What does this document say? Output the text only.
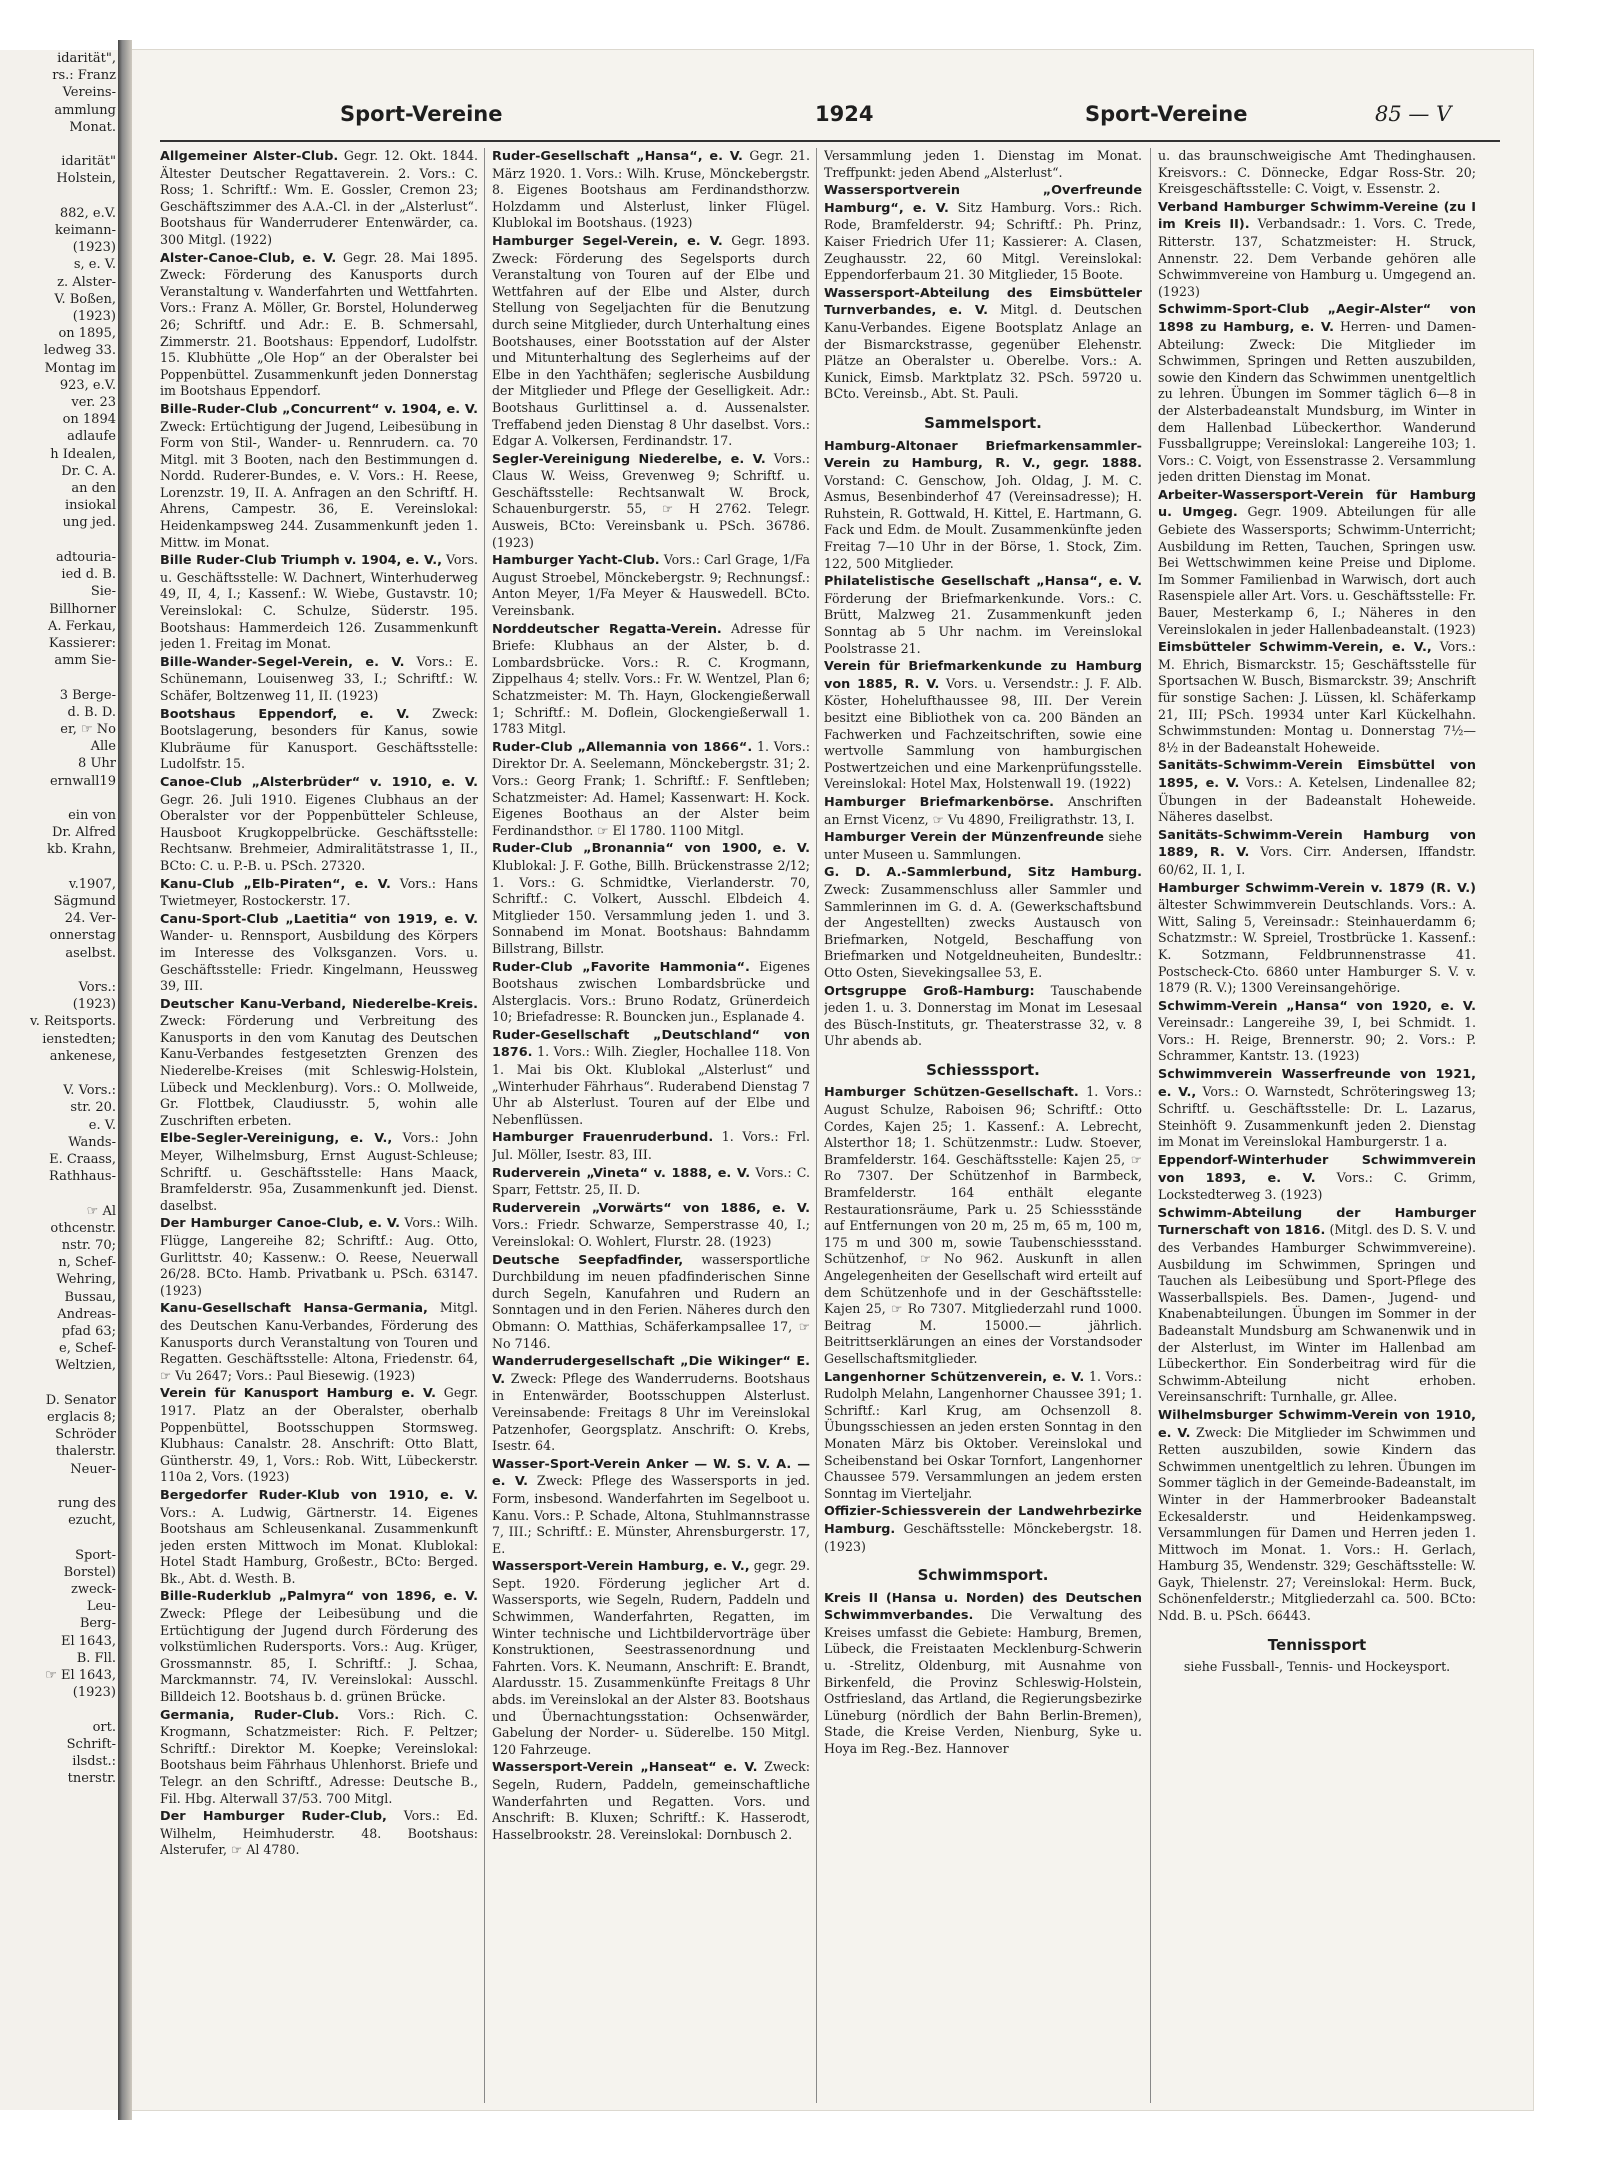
idarität",
rs.: Franz
Vereins-
ammlung
Monat.

idarität"
Holstein,

882, e.V.
keimann-
(1923)
s, e. V.
z. Alster-
V. Boßen,
(1923)
on 1895,
ledweg 33.
Montag im
923, e.V.
ver. 23
on 1894
adlaufe
h Idealen,
Dr. C. A.
an den
insiokal
ung jed.

adtouria-
ied d. B.
Sie-
Billhorner
A. Ferkau,
Kassierer:
amm Sie-

3 Berge-
d. B. D.
er, ☞ No
Alle
8 Uhr
ernwall19

ein von
Dr. Alfred
kb. Krahn,

v.1907,
Sägmund
24. Ver-
onnerstag
aselbst.

Vors.:
(1923)
v. Reitsports.
ienstedten;
ankenese,

V. Vors.:
str. 20.
e. V.
Wands-
E. Craass,
Rathhaus-

☞ Al
othcenstr.
nstr. 70;
n, Schef-
Wehring,
Bussau,
Andreas-
pfad 63;
e, Schef-
Weltzien,

D. Senator
erglacis 8;
Schröder
thalerstr.
Neuer-

rung des
ezucht,

Sport-
Borstel)
zweck-
Leu-
Berg-
El 1643,
B. Fll.
☞ El 1643,
(1923)

ort.
Schrift-
ilsdst.:
tnerstr.
Sport-Vereine	1924	Sport-Vereine	85 — V

Allgemeiner Alster-Club. Gegr. 12. Okt. 1844. Ältester Deutscher Regattaverein. 2. Vors.: C. Ross; 1. Schriftf.: Wm. E. Gossler, Cremon 23; Geschäftszimmer des A.A.-Cl. in der „Alsterlust“. Bootshaus für Wanderruderer Entenwärder, ca. 300 Mitgl. (1922)

Alster-Canoe-Club, e. V. Gegr. 28. Mai 1895. Zweck: Förderung des Kanusports durch Veranstaltung v. Wanderfahrten und Wettfahrten. Vors.: Franz A. Möller, Gr. Borstel, Holunderweg 26; Schriftf. und Adr.: E. B. Schmersahl, Zimmerstr. 21. Bootshaus: Eppendorf, Ludolfstr. 15. Klubhütte „Ole Hop“ an der Oberalster bei Poppenbüttel. Zusammenkunft jeden Donnerstag im Bootshaus Eppendorf.

Bille-Ruder-Club „Concurrent“ v. 1904, e. V. Zweck: Ertüchtigung der Jugend, Leibesübung in Form von Stil-, Wander- u. Rennrudern. ca. 70 Mitgl. mit 3 Booten, nach den Bestimmungen d. Nordd. Ruderer-Bundes, e. V. Vors.: H. Reese, Lorenzstr. 19, II. A. Anfragen an den Schriftf. H. Ahrens, Campestr. 36, E. Vereinslokal: Heidenkampsweg 244. Zusammenkunft jeden 1. Mittw. im Monat.

Bille Ruder-Club Triumph v. 1904, e. V., Vors. u. Geschäftsstelle: W. Dachnert, Winterhuderweg 49, II, 4, I.; Kassenf.: W. Wiebe, Gustavstr. 10; Vereinslokal: C. Schulze, Süderstr. 195. Bootshaus: Hammerdeich 126. Zusammenkunft jeden 1. Freitag im Monat.

Bille-Wander-Segel-Verein, e. V. Vors.: E. Schünemann, Louisenweg 33, I.; Schriftf.: W. Schäfer, Boltzenweg 11, II. (1923)

Bootshaus Eppendorf, e. V. Zweck: Bootslagerung, besonders für Kanus, sowie Klubräume für Kanusport. Geschäftsstelle: Ludolfstr. 15.

Canoe-Club „Alsterbrüder“ v. 1910, e. V. Gegr. 26. Juli 1910. Eigenes Clubhaus an der Oberalster vor der Poppenbütteler Schleuse, Hausboot Krugkoppelbrücke. Geschäftsstelle: Rechtsanw. Brehmeier, Admiralitätstrasse 1, II., BCto: C. u. P.-B. u. PSch. 27320.

Kanu-Club „Elb-Piraten“, e. V. Vors.: Hans Twietmeyer, Rostockerstr. 17.

Canu-Sport-Club „Laetitia“ von 1919, e. V. Wander- u. Rennsport, Ausbildung des Körpers im Interesse des Volksganzen. Vors. u. Geschäftsstelle: Friedr. Kingelmann, Heussweg 39, III.

Deutscher Kanu-Verband, Niederelbe-Kreis. Zweck: Förderung und Verbreitung des Kanusports in den vom Kanutag des Deutschen Kanu-Verbandes festgesetzten Grenzen des Niederelbe-Kreises (mit Schleswig-Holstein, Lübeck und Mecklenburg). Vors.: O. Mollweide, Gr. Flottbek, Claudiusstr. 5, wohin alle Zuschriften erbeten.

Elbe-Segler-Vereinigung, e. V., Vors.: John Meyer, Wilhelmsburg, Ernst August-Schleuse; Schriftf. u. Geschäftsstelle: Hans Maack, Bramfelderstr. 95a, Zusammenkunft jed. Dienst. daselbst.

Der Hamburger Canoe-Club, e. V. Vors.: Wilh. Flügge, Langereihe 82; Schriftf.: Aug. Otto, Gurlittstr. 40; Kassenw.: O. Reese, Neuerwall 26/28. BCto. Hamb. Privatbank u. PSch. 63147. (1923)

Kanu-Gesellschaft Hansa-Germania, Mitgl. des Deutschen Kanu-Verbandes, Förderung des Kanusports durch Veranstaltung von Touren und Regatten. Geschäftsstelle: Altona, Friedenstr. 64, ☞ Vu 2647; Vors.: Paul Biesewig. (1923)

Verein für Kanusport Hamburg e. V. Gegr. 1917. Platz an der Oberalster, oberhalb Poppenbüttel, Bootsschuppen Stormsweg. Klubhaus: Canalstr. 28. Anschrift: Otto Blatt, Güntherstr. 49, 1, Vors.: Rob. Witt, Lübeckerstr. 110a 2, Vors. (1923)

Bergedorfer Ruder-Klub von 1910, e. V. Vors.: A. Ludwig, Gärtnerstr. 14. Eigenes Bootshaus am Schleusenkanal. Zusammenkunft jeden ersten Mittwoch im Monat. Klublokal: Hotel Stadt Hamburg, Großestr., BCto: Berged. Bk., Abt. d. Westh. B.

Bille-Ruderklub „Palmyra“ von 1896, e. V. Zweck: Pflege der Leibesübung und die Ertüchtigung der Jugend durch Förderung des volkstümlichen Rudersports. Vors.: Aug. Krüger, Grossmannstr. 85, I. Schriftf.: J. Schaa, Marckmannstr. 74, IV. Vereinslokal: Ausschl. Billdeich 12. Bootshaus b. d. grünen Brücke.

Germania, Ruder-Club. Vors.: Rich. C. Krogmann, Schatzmeister: Rich. F. Peltzer; Schriftf.: Direktor M. Koepke; Vereinslokal: Bootshaus beim Fährhaus Uhlenhorst. Briefe und Telegr. an den Schriftf., Adresse: Deutsche B., Fil. Hbg. Alterwall 37/53. 700 Mitgl.

Der Hamburger Ruder-Club, Vors.: Ed. Wilhelm, Heimhuderstr. 48. Bootshaus: Alsterufer, ☞ Al 4780.

Ruder-Gesellschaft „Hansa“, e. V. Gegr. 21. März 1920. 1. Vors.: Wilh. Kruse, Mönckebergstr. 8. Eigenes Bootshaus am Ferdinandsthorzw. Holzdamm und Alsterlust, linker Flügel. Klublokal im Bootshaus. (1923)

Hamburger Segel-Verein, e. V. Gegr. 1893. Zweck: Förderung des Segelsports durch Veranstaltung von Touren auf der Elbe und Wettfahren auf der Elbe und Alster, durch Stellung von Segeljachten für die Benutzung durch seine Mitglieder, durch Unterhaltung eines Bootshauses, einer Bootsstation auf der Alster und Mitunterhaltung des Seglerheims auf der Elbe in den Yachthäfen; seglerische Ausbildung der Mitglieder und Pflege der Geselligkeit. Adr.: Bootshaus Gurlittinsel a. d. Aussenalster. Treffabend jeden Dienstag 8 Uhr daselbst. Vors.: Edgar A. Volkersen, Ferdinandstr. 17.

Segler-Vereinigung Niederelbe, e. V. Vors.: Claus W. Weiss, Grevenweg 9; Schriftf. u. Geschäftsstelle: Rechtsanwalt W. Brock, Schauenburgerstr. 55, ☞ H 2762. Telegr. Ausweis, BCto: Vereinsbank u. PSch. 36786. (1923)

Hamburger Yacht-Club. Vors.: Carl Grage, 1/Fa August Stroebel, Mönckebergstr. 9; Rechnungsf.: Anton Meyer, 1/Fa Meyer & Hauswedell. BCto. Vereinsbank.

Norddeutscher Regatta-Verein. Adresse für Briefe: Klubhaus an der Alster, b. d. Lombardsbrücke. Vors.: R. C. Krogmann, Zippelhaus 4; stellv. Vors.: Fr. W. Wentzel, Plan 6; Schatzmeister: M. Th. Hayn, Glockengießerwall 1; Schriftf.: M. Doflein, Glockengießerwall 1. 1783 Mitgl.

Ruder-Club „Allemannia von 1866“. 1. Vors.: Direktor Dr. A. Seelemann, Mönckebergstr. 31; 2. Vors.: Georg Frank; 1. Schriftf.: F. Senftleben; Schatzmeister: Ad. Hamel; Kassenwart: H. Kock. Eigenes Boothaus an der Alster beim Ferdinandsthor. ☞ El 1780. 1100 Mitgl.

Ruder-Club „Bronannia“ von 1900, e. V. Klublokal: J. F. Gothe, Billh. Brückenstrasse 2/12; 1. Vors.: G. Schmidtke, Vierlanderstr. 70, Schriftf.: C. Volkert, Ausschl. Elbdeich 4. Mitglieder 150. Versammlung jeden 1. und 3. Sonnabend im Monat. Bootshaus: Bahndamm Billstrang, Billstr.

Ruder-Club „Favorite Hammonia“. Eigenes Bootshaus zwischen Lombardsbrücke und Alsterglacis. Vors.: Bruno Rodatz, Grünerdeich 10; Briefadresse: R. Bouncken jun., Esplanade 4.

Ruder-Gesellschaft „Deutschland“ von 1876. 1. Vors.: Wilh. Ziegler, Hochallee 118. Von 1. Mai bis Okt. Klublokal „Alsterlust“ und „Winterhuder Fährhaus“. Ruderabend Dienstag 7 Uhr ab Alsterlust. Touren auf der Elbe und Nebenflüssen.

Hamburger Frauenruderbund. 1. Vors.: Frl. Jul. Möller, Isestr. 83, III.

Ruderverein „Vineta“ v. 1888, e. V. Vors.: C. Sparr, Fettstr. 25, II. D.

Ruderverein „Vorwärts“ von 1886, e. V. Vors.: Friedr. Schwarze, Semperstrasse 40, I.; Vereinslokal: O. Wohlert, Flurstr. 28. (1923)

Deutsche Seepfadfinder, wassersportliche Durchbildung im neuen pfadfinderischen Sinne durch Segeln, Kanufahren und Rudern an Sonntagen und in den Ferien. Näheres durch den Obmann: O. Matthias, Schäferkampsallee 17, ☞ No 7146.

Wanderrudergesellschaft „Die Wikinger“ E. V. Zweck: Pflege des Wanderruderns. Bootshaus in Entenwärder, Bootsschuppen Alsterlust. Vereinsabende: Freitags 8 Uhr im Vereinslokal Patzenhofer, Georgsplatz. Anschrift: O. Krebs, Isestr. 64.

Wasser-Sport-Verein Anker — W. S. V. A. — e. V. Zweck: Pflege des Wassersports in jed. Form, insbesond. Wanderfahrten im Segelboot u. Kanu. Vors.: P. Schade, Altona, Stuhlmannstrasse 7, III.; Schriftf.: E. Münster, Ahrensburgerstr. 17, E.

Wassersport-Verein Hamburg, e. V., gegr. 29. Sept. 1920. Förderung jeglicher Art d. Wassersports, wie Segeln, Rudern, Paddeln und Schwimmen, Wanderfahrten, Regatten, im Winter technische und Lichtbildervorträge über Konstruktionen, Seestrassenordnung und Fahrten. Vors. K. Neumann, Anschrift: E. Brandt, Alardusstr. 15. Zusammenkünfte Freitags 8 Uhr abds. im Vereinslokal an der Alster 83. Bootshaus und Übernachtungsstation: Ochsenwärder, Gabelung der Norder- u. Süderelbe. 150 Mitgl. 120 Fahrzeuge.

Wassersport-Verein „Hanseat“ e. V. Zweck: Segeln, Rudern, Paddeln, gemeinschaftliche Wanderfahrten und Regatten. Vors. und Anschrift: B. Kluxen; Schriftf.: K. Hasserodt, Hasselbrookstr. 28. Vereinslokal: Dornbusch 2.

Versammlung jeden 1. Dienstag im Monat. Treffpunkt: jeden Abend „Alsterlust“.

Wassersportverein „Overfreunde Hamburg“, e. V. Sitz Hamburg. Vors.: Rich. Rode, Bramfelderstr. 94; Schriftf.: Ph. Prinz, Kaiser Friedrich Ufer 11; Kassierer: A. Clasen, Zeughausstr. 22, 60 Mitgl. Vereinslokal: Eppendorferbaum 21. 30 Mitglieder, 15 Boote.

Wassersport-Abteilung des Eimsbütteler Turnverbandes, e. V. Mitgl. d. Deutschen Kanu-Verbandes. Eigene Bootsplatz Anlage an der Bismarckstrasse, gegenüber Elehenstr. Plätze an Oberalster u. Oberelbe. Vors.: A. Kunick, Eimsb. Marktplatz 32. PSch. 59720 u. BCto. Vereinsb., Abt. St. Pauli.

Sammelsport.

Hamburg-Altonaer Briefmarkensammler-Verein zu Hamburg, R. V., gegr. 1888. Vorstand: C. Genschow, Joh. Oldag, J. M. C. Asmus, Besenbinderhof 47 (Vereinsadresse); H. Ruhstein, R. Gottwald, H. Kittel, E. Hartmann, G. Fack und Edm. de Moult. Zusammenkünfte jeden Freitag 7—10 Uhr in der Börse, 1. Stock, Zim. 122, 500 Mitglieder.

Philatelistische Gesellschaft „Hansa“, e. V. Förderung der Briefmarkenkunde. Vors.: C. Brütt, Malzweg 21. Zusammenkunft jeden Sonntag ab 5 Uhr nachm. im Vereinslokal Poolstrasse 21.

Verein für Briefmarkenkunde zu Hamburg von 1885, R. V. Vors. u. Versendstr.: J. F. Alb. Köster, Hohelufthaussee 98, III. Der Verein besitzt eine Bibliothek von ca. 200 Bänden an Fachwerken und Fachzeitschriften, sowie eine wertvolle Sammlung von hamburgischen Postwertzeichen und eine Markenprüfungsstelle. Vereinslokal: Hotel Max, Holstenwall 19. (1922)

Hamburger Briefmarkenbörse. Anschriften an Ernst Vicenz, ☞ Vu 4890, Freiligrathstr. 13, I.

Hamburger Verein der Münzenfreunde siehe unter Museen u. Sammlungen.

G. D. A.-Sammlerbund, Sitz Hamburg. Zweck: Zusammenschluss aller Sammler und Sammlerinnen im G. d. A. (Gewerkschaftsbund der Angestellten) zwecks Austausch von Briefmarken, Notgeld, Beschaffung von Briefmarken und Notgeldneuheiten, Bundesltr.: Otto Osten, Sievekingsallee 53, E.

Ortsgruppe Groß-Hamburg: Tauschabende jeden 1. u. 3. Donnerstag im Monat im Lesesaal des Büsch-Instituts, gr. Theaterstrasse 32, v. 8 Uhr abends ab.

Schiesssport.

Hamburger Schützen-Gesellschaft. 1. Vors.: August Schulze, Raboisen 96; Schriftf.: Otto Cordes, Kajen 25; 1. Kassenf.: A. Lebrecht, Alsterthor 18; 1. Schützenmstr.: Ludw. Stoever, Bramfelderstr. 164. Geschäftsstelle: Kajen 25, ☞ Ro 7307. Der Schützenhof in Barmbeck, Bramfelderstr. 164 enthält elegante Restaurationsräume, Park u. 25 Schiessstände auf Entfernungen von 20 m, 25 m, 65 m, 100 m, 175 m und 300 m, sowie Taubenschiessstand. Schützenhof, ☞ No 962. Auskunft in allen Angelegenheiten der Gesellschaft wird erteilt auf dem Schützenhofe und in der Geschäftsstelle: Kajen 25, ☞ Ro 7307. Mitgliederzahl rund 1000. Beitrag M. 15000.— jährlich. Beitrittserklärungen an eines der Vorstandsoder Gesellschaftsmitglieder.

Langenhorner Schützenverein, e. V. 1. Vors.: Rudolph Melahn, Langenhorner Chaussee 391; 1. Schriftf.: Karl Krug, am Ochsenzoll 8. Übungsschiessen an jeden ersten Sonntag in den Monaten März bis Oktober. Vereinslokal und Scheibenstand bei Oskar Tornfort, Langenhorner Chaussee 579. Versammlungen an jedem ersten Sonntag im Vierteljahr.

Offizier-Schiessverein der Landwehrbezirke Hamburg. Geschäftsstelle: Mönckebergstr. 18. (1923)

Schwimmsport.

Kreis II (Hansa u. Norden) des Deutschen Schwimmverbandes. Die Verwaltung des Kreises umfasst die Gebiete: Hamburg, Bremen, Lübeck, die Freistaaten Mecklenburg-Schwerin u. -Strelitz, Oldenburg, mit Ausnahme von Birkenfeld, die Provinz Schleswig-Holstein, Ostfriesland, das Artland, die Regierungsbezirke Lüneburg (nördlich der Bahn Berlin-Bremen), Stade, die Kreise Verden, Nienburg, Syke u. Hoya im Reg.-Bez. Hannover

u. das braunschweigische Amt Thedinghausen. Kreisvors.: C. Dönnecke, Edgar Ross-Str. 20; Kreisgeschäftsstelle: C. Voigt, v. Essenstr. 2.

Verband Hamburger Schwimm-Vereine (zu I im Kreis II). Verbandsadr.: 1. Vors. C. Trede, Ritterstr. 137, Schatzmeister: H. Struck, Annenstr. 22. Dem Verbande gehören alle Schwimmvereine von Hamburg u. Umgegend an. (1923)

Schwimm-Sport-Club „Aegir-Alster“ von 1898 zu Hamburg, e. V. Herren- und Damen-Abteilung: Zweck: Die Mitglieder im Schwimmen, Springen und Retten auszubilden, sowie den Kindern das Schwimmen unentgeltlich zu lehren. Übungen im Sommer täglich 6—8 in der Alsterbadeanstalt Mundsburg, im Winter in dem Hallenbad Lübeckerthor. Wanderund Fussballgruppe; Vereinslokal: Langereihe 103; 1. Vors.: C. Voigt, von Essenstrasse 2. Versammlung jeden dritten Dienstag im Monat.

Arbeiter-Wassersport-Verein für Hamburg u. Umgeg. Gegr. 1909. Abteilungen für alle Gebiete des Wassersports; Schwimm-Unterricht; Ausbildung im Retten, Tauchen, Springen usw. Bei Wettschwimmen keine Preise und Diplome. Im Sommer Familienbad in Warwisch, dort auch Rasenspiele aller Art. Vors. u. Geschäftsstelle: Fr. Bauer, Mesterkamp 6, I.; Näheres in den Vereinslokalen in jeder Hallenbadeanstalt. (1923)

Eimsbütteler Schwimm-Verein, e. V., Vors.: M. Ehrich, Bismarckstr. 15; Geschäftsstelle für Sportsachen W. Busch, Bismarckstr. 39; Anschrift für sonstige Sachen: J. Lüssen, kl. Schäferkamp 21, III; PSch. 19934 unter Karl Kückelhahn. Schwimmstunden: Montag u. Donnerstag 7½—8½ in der Badeanstalt Hoheweide.

Sanitäts-Schwimm-Verein Eimsbüttel von 1895, e. V. Vors.: A. Ketelsen, Lindenallee 82; Übungen in der Badeanstalt Hoheweide. Näheres daselbst.

Sanitäts-Schwimm-Verein Hamburg von 1889, R. V. Vors. Cirr. Andersen, Iffandstr. 60/62, II. 1, I.

Hamburger Schwimm-Verein v. 1879 (R. V.) ältester Schwimmverein Deutschlands. Vors.: A. Witt, Saling 5, Vereinsadr.: Steinhauerdamm 6; Schatzmstr.: W. Spreiel, Trostbrücke 1. Kassenf.: K. Sotzmann, Feldbrunnenstrasse 41. Postscheck-Cto. 6860 unter Hamburger S. V. v. 1879 (R. V.); 1300 Vereinsangehörige.

Schwimm-Verein „Hansa“ von 1920, e. V. Vereinsadr.: Langereihe 39, I, bei Schmidt. 1. Vors.: H. Reige, Brennerstr. 90; 2. Vors.: P. Schrammer, Kantstr. 13. (1923)

Schwimmverein Wasserfreunde von 1921, e. V., Vors.: O. Warnstedt, Schröteringsweg 13; Schriftf. u. Geschäftsstelle: Dr. L. Lazarus, Steinhöft 9. Zusammenkunft jeden 2. Dienstag im Monat im Vereinslokal Hamburgerstr. 1 a.

Eppendorf-Winterhuder Schwimmverein von 1893, e. V. Vors.: C. Grimm, Lockstedterweg 3. (1923)

Schwimm-Abteilung der Hamburger Turnerschaft von 1816. (Mitgl. des D. S. V. und des Verbandes Hamburger Schwimmvereine). Ausbildung im Schwimmen, Springen und Tauchen als Leibesübung und Sport-Pflege des Wasserballspiels. Bes. Damen-, Jugend- und Knabenabteilungen. Übungen im Sommer in der Badeanstalt Mundsburg am Schwanenwik und in der Alsterlust, im Winter im Hallenbad am Lübeckerthor. Ein Sonderbeitrag wird für die Schwimm-Abteilung nicht erhoben. Vereinsanschrift: Turnhalle, gr. Allee.

Wilhelmsburger Schwimm-Verein von 1910, e. V. Zweck: Die Mitglieder im Schwimmen und Retten auszubilden, sowie Kindern das Schwimmen unentgeltlich zu lehren. Übungen im Sommer täglich in der Gemeinde-Badeanstalt, im Winter in der Hammerbrooker Badeanstalt Eckesalderstr. und Heidenkampsweg. Versammlungen für Damen und Herren jeden 1. Mittwoch im Monat. 1. Vors.: H. Gerlach, Hamburg 35, Wendenstr. 329; Geschäftsstelle: W. Gayk, Thielenstr. 27; Vereinslokal: Herm. Buck, Schönenfelderstr.; Mitgliederzahl ca. 500. BCto: Ndd. B. u. PSch. 66443.

Tennissport

siehe Fussball-, Tennis- und Hockeysport.
